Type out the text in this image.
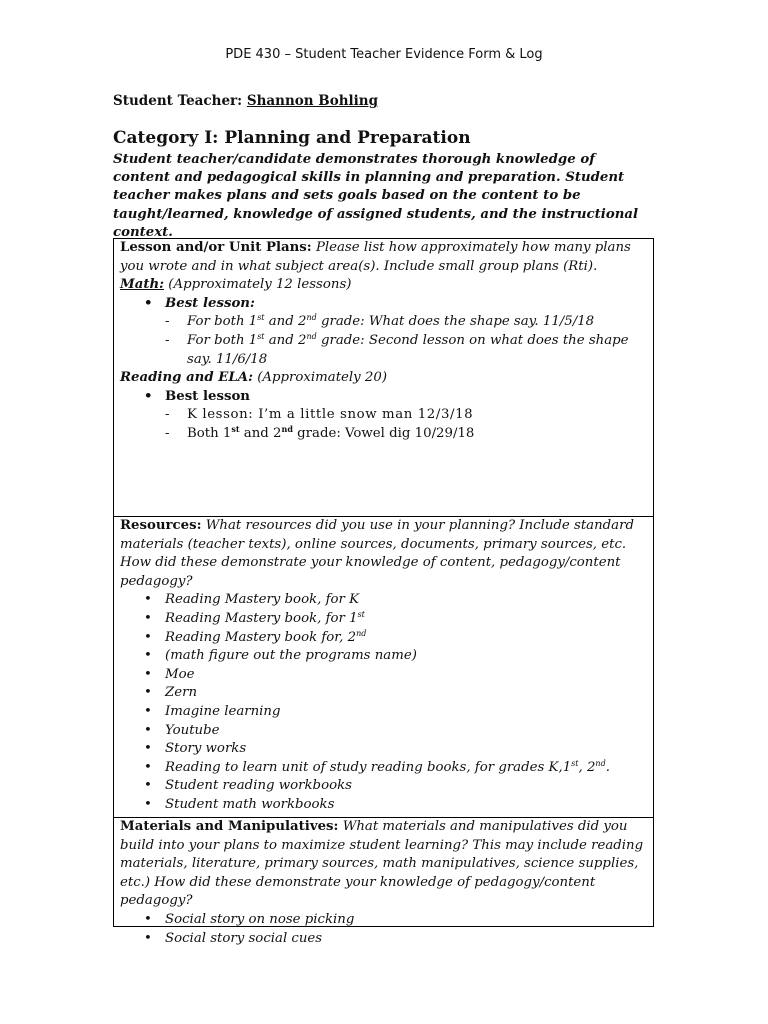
PDE 430 – Student Teacher Evidence Form & Log
Student Teacher: Shannon Bohling
Category I: Planning and Preparation
Student teacher/candidate demonstrates thorough knowledge of content and pedagogical skills in planning and preparation. Student teacher makes plans and sets goals based on the content to be taught/learned, knowledge of assigned students, and the instructional context.
Lesson and/or Unit Plans: Please list how approximately how many plans you wrote and in what subject area(s). Include small group plans (Rti).
Math: (Approximately 12 lessons)
• Best lesson:
- For both 1st and 2nd grade: What does the shape say. 11/5/18
- For both 1st and 2nd grade: Second lesson on what does the shape say. 11/6/18
Reading and ELA: (Approximately 20)
• Best lesson
- K lesson: I’m a little snow man 12/3/18
- Both 1st and 2nd grade: Vowel dig 10/29/18
Resources: What resources did you use in your planning? Include standard materials (teacher texts), online sources, documents, primary sources, etc. How did these demonstrate your knowledge of content, pedagogy/content pedagogy?
• Reading Mastery book, for K
• Reading Mastery book, for 1st
• Reading Mastery book for, 2nd
• (math figure out the programs name)
• Moe
• Zern
• Imagine learning
• Youtube
• Story works
• Reading to learn unit of study reading books, for grades K,1st, 2nd.
• Student reading workbooks
• Student math workbooks
Materials and Manipulatives: What materials and manipulatives did you build into your plans to maximize student learning? This may include reading materials, literature, primary sources, math manipulatives, science supplies, etc.) How did these demonstrate your knowledge of pedagogy/content pedagogy?
• Social story on nose picking
• Social story social cues
